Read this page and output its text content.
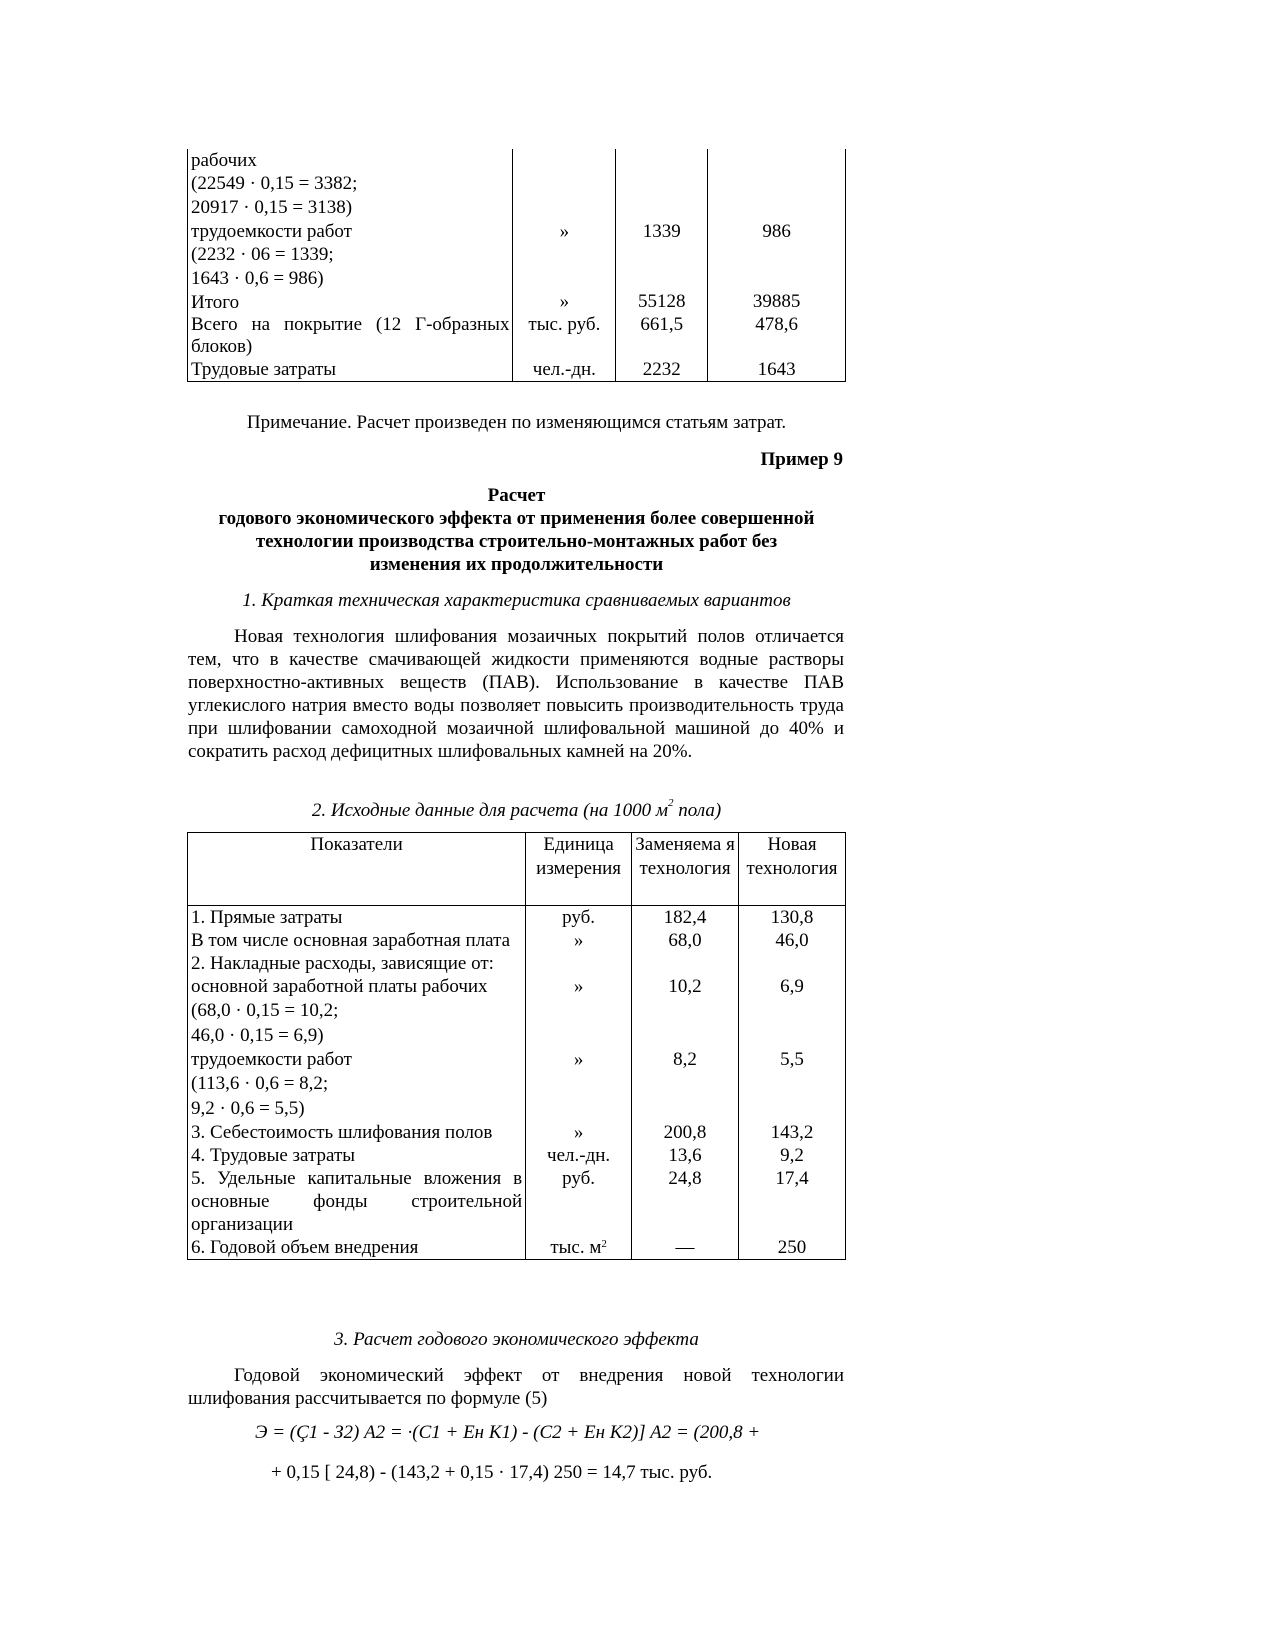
рабочих
(22549 · 0,15 = 3382;
20917 · 0,15 = 3138)			

трудоемкости работ
(2232 · 06 = 1339;
1643 · 0,6 = 986)	»	1339	986
Итого	»	55128	39885
Всего на покрытие (12 Г-образных блоков)	тыс. руб.	661,5	478,6
Трудовые затраты	чел.-дн.	2232	1643
Примечание. Расчет произведен по изменяющимся статьям затрат.
Пример 9
Расчет
годового экономического эффекта от применения более совершенной
технологии производства строительно-монтажных работ без
изменения их продолжительности
1. Краткая техническая характеристика сравниваемых вариантов
Новая технология шлифования мозаичных покрытий полов отличается тем, что в качестве смачивающей жидкости применяются водные растворы поверхностно-активных веществ (ПАВ). Использование в качестве ПАВ углекислого натрия вместо воды позволяет повысить производительность труда при шлифовании самоходной мозаичной шлифовальной машиной до 40% и сократить расход дефицитных шлифовальных камней на 20%.
2. Исходные данные для расчета (на 1000 $м^2$ пола)
Показатели	Единица измерения	Заменяема я технология	Новая технология
1. Прямые затраты	руб.	182,4	130,8
В том числе основная заработная плата	»	68,0	46,0
2. Накладные расходы, зависящие от:			

основной заработной платы рабочих
(68,0 · 0,15 = 10,2;
46,0 · 0,15 = 6,9)	»	10,2	6,9

трудоемкости работ
(113,6 · 0,6 = 8,2;
9,2 · 0,6 = 5,5)	»	8,2	5,5
3. Себестоимость шлифования полов	»	200,8	143,2
4. Трудовые затраты	чел.-дн.	13,6	9,2
5. Удельные капитальные вложения в основные фонды строительной организации	руб.	24,8	17,4
6. Годовой объем внедрения	тыс. $м^2$	—	250
3. Расчет годового экономического эффекта
Годовой экономический эффект от внедрения новой технологии шлифования рассчитывается по формуле (5)
Э = (Ç1 - З2) A2 = ·(C1 + Eн K1) - (C2 + Eн K2)] A2 = (200,8 +
+ 0,15 [ 24,8) - (143,2 + 0,15 · 17,4) 250 = 14,7 тыс. руб.
